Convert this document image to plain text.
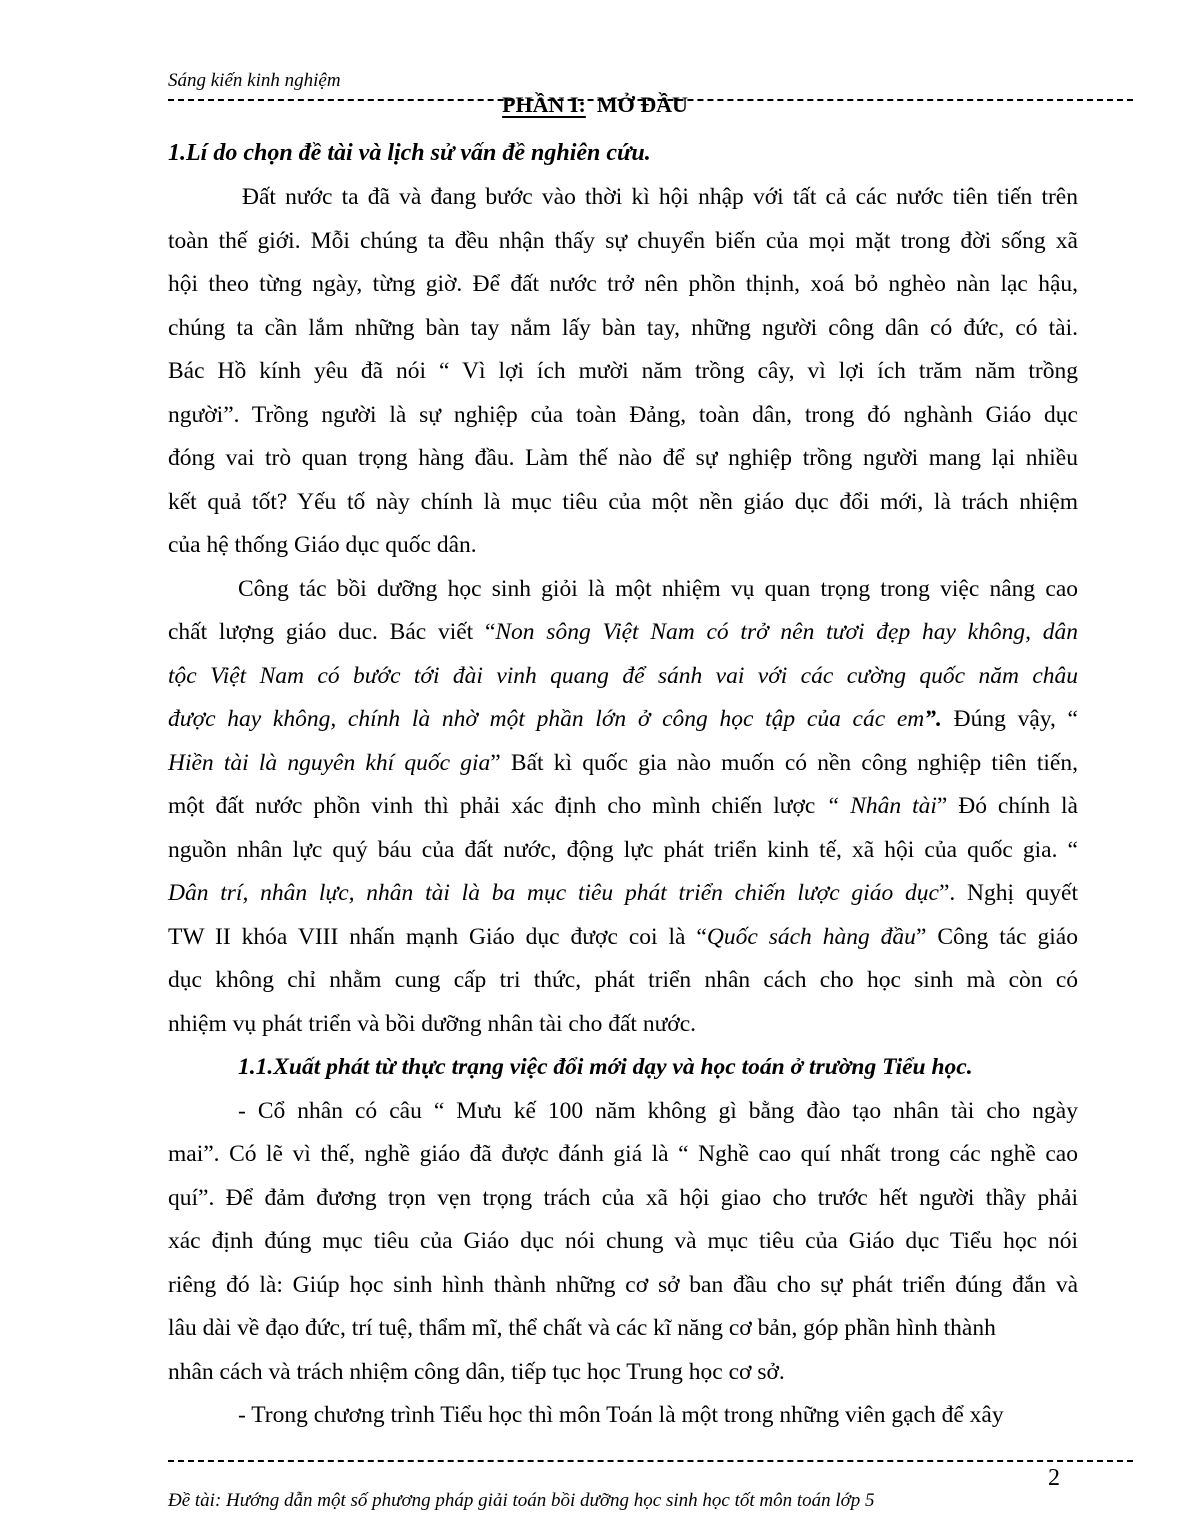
Sáng kiến kinh nghiệm
PHẦN I: MỞ ĐẦU
1.Lí do chọn đề tài và lịch sử vấn đề nghiên cứu.

Đất nước ta đã và đang bước vào thời kì hội nhập với tất cả các nước tiên tiến trên

toàn thế giới. Mỗi chúng ta đều nhận thấy sự chuyển biến của mọi mặt trong đời sống xã

hội theo từng ngày, từng giờ. Để đất nước trở nên phồn thịnh, xoá bỏ nghèo nàn lạc hậu,

chúng ta cần lắm những bàn tay nắm lấy bàn tay, những người công dân có đức, có tài.

Bác Hồ kính yêu đã nói “ Vì lợi ích mười năm trồng cây, vì lợi ích trăm năm trồng

người”. Trồng người là sự nghiệp của toàn Đảng, toàn dân, trong đó nghành Giáo dục

đóng vai trò quan trọng hàng đầu. Làm thế nào để sự nghiệp trồng người mang lại nhiều

kết quả tốt? Yếu tố này chính là mục tiêu của một nền giáo dục đổi mới, là trách nhiệm

của hệ thống Giáo dục quốc dân.

Công tác bồi dưỡng học sinh giỏi là một nhiệm vụ quan trọng trong việc nâng cao

chất lượng giáo duc. Bác viết “Non sông Việt Nam có trở nên tươi đẹp hay không, dân

tộc Việt Nam có bước tới đài vinh quang để sánh vai với các cường quốc năm châu

được hay không, chính là nhờ một phần lớn ở công học tập của các em”. Đúng vậy, “

Hiền tài là nguyên khí quốc gia” Bất kì quốc gia nào muốn có nền công nghiệp tiên tiến,

một đất nước phồn vinh thì phải xác định cho mình chiến lược “ Nhân tài” Đó chính là

nguồn nhân lực quý báu của đất nước, động lực phát triển kinh tế, xã hội của quốc gia. “

Dân trí, nhân lực, nhân tài là ba mục tiêu phát triển chiến lược giáo dục”. Nghị quyết

TW II khóa VIII nhấn mạnh Giáo dục được coi là “Quốc sách hàng đầu” Công tác giáo

dục không chỉ nhằm cung cấp tri thức, phát triển nhân cách cho học sinh mà còn có

nhiệm vụ phát triển và bồi dưỡng nhân tài cho đất nước.

1.1.Xuất phát từ thực trạng việc đổi mới dạy và học toán ở trường Tiểu học.

- Cổ nhân có câu “ Mưu kế 100 năm không gì bằng đào tạo nhân tài cho ngày

mai”. Có lẽ vì thế, nghề giáo đã được đánh giá là “ Nghề cao quí nhất trong các nghề cao

quí”. Để đảm đương trọn vẹn trọng trách của xã hội giao cho trước hết người thầy phải

xác định đúng mục tiêu của Giáo dục nói chung và mục tiêu của Giáo dục Tiểu học nói

riêng đó là: Giúp học sinh hình thành những cơ sở ban đầu cho sự phát triển đúng đắn và

lâu dài về đạo đức, trí tuệ, thẩm mĩ, thể chất và các kĩ năng cơ bản, góp phần hình thành

nhân cách và trách nhiệm công dân, tiếp tục học Trung học cơ sở.

- Trong chương trình Tiểu học thì môn Toán là một trong những viên gạch để xây

2
Đề tài: Hướng dẫn một số phương pháp giải toán bồi dưỡng học sinh học tốt môn toán lớp 5
